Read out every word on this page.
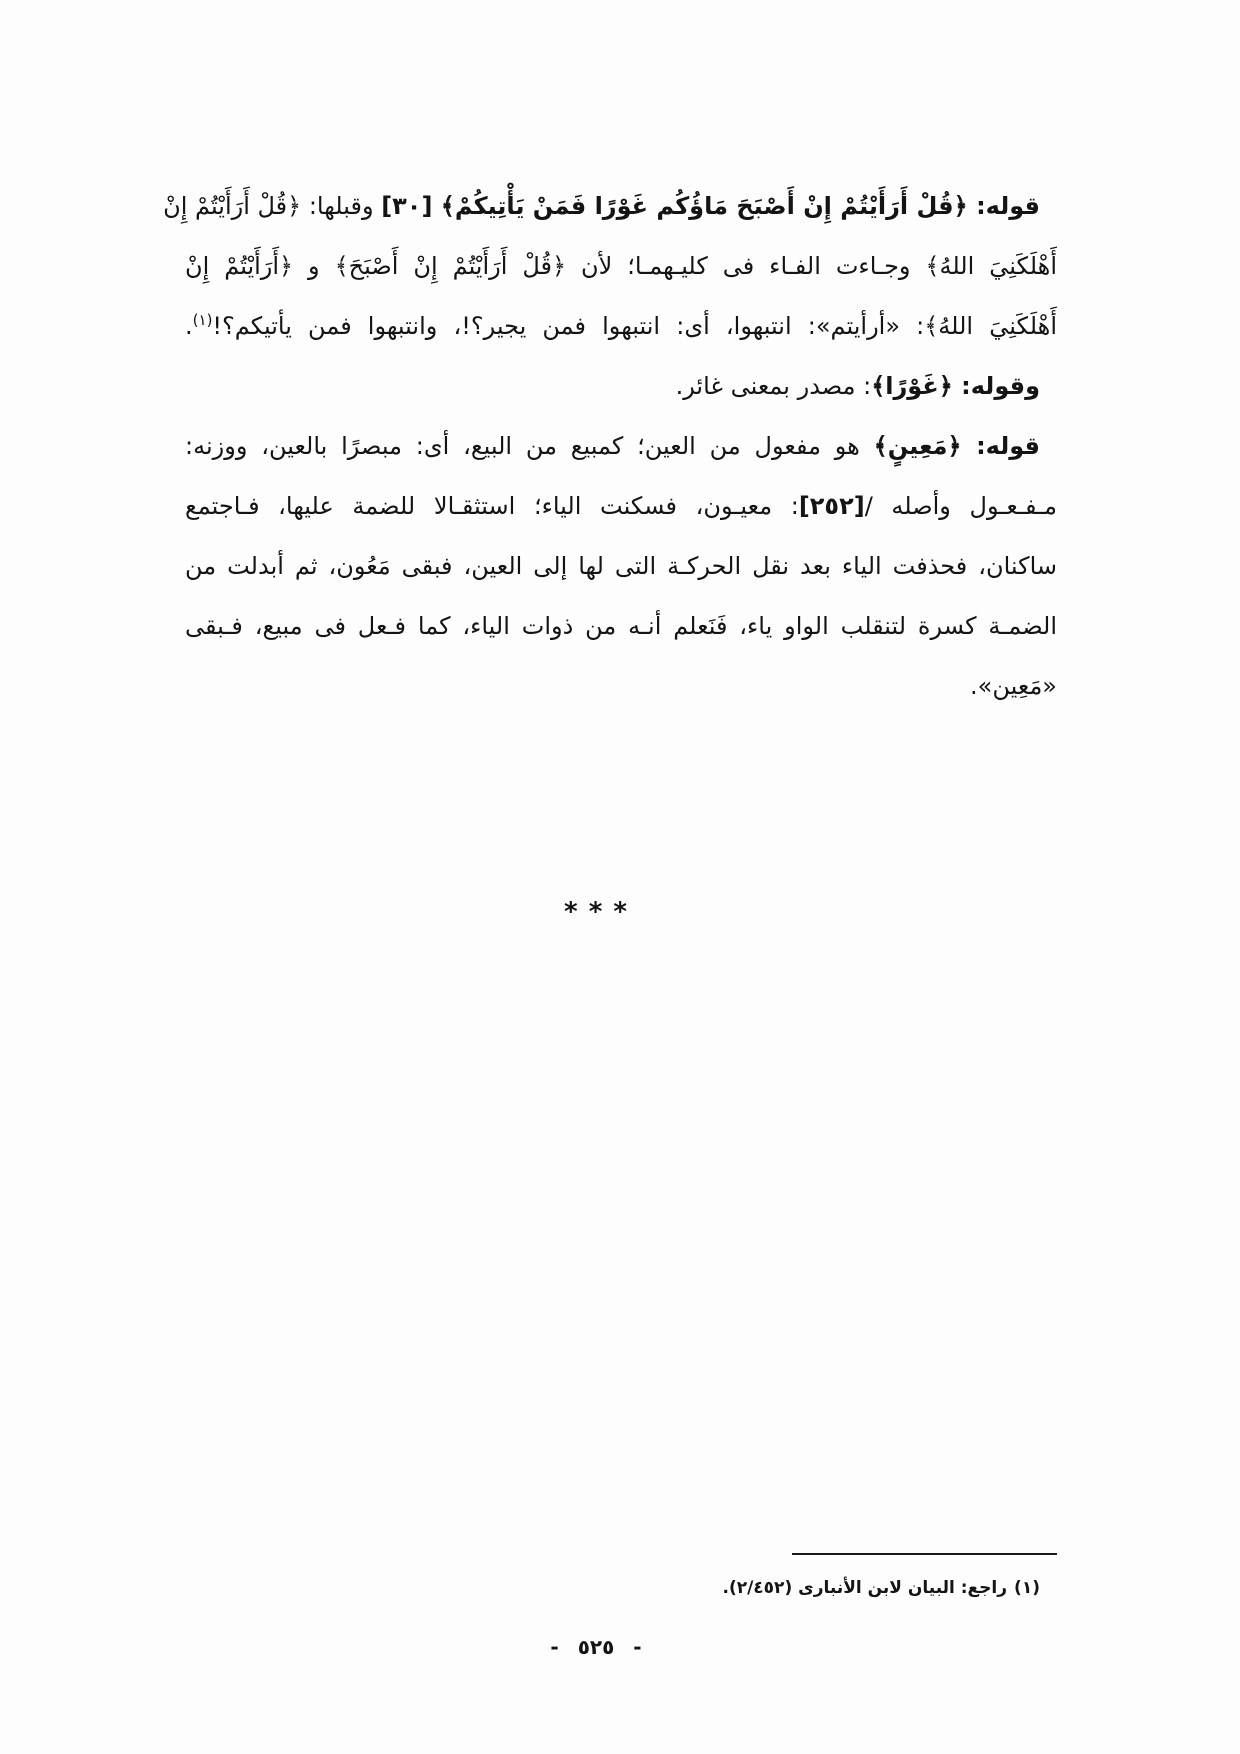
قوله: ﴿قُلْ أَرَأَيْتُمْ إِنْ أَصْبَحَ مَاؤُكُم غَوْرًا فَمَنْ يَأْتِيكُمْ﴾ [٣٠] وقبلها: ﴿قُلْ أَرَأَيْتُمْ إِنْ
أَهْلَكَنِيَ اللهُ﴾ وجـاءت الفـاء فى كليـهمـا؛ لأن ﴿قُلْ أَرَأَيْتُمْ إِنْ أَصْبَحَ﴾ و ﴿أَرَأَيْتُمْ إِنْ
أَهْلَكَنِيَ اللهُ﴾: «أرأيتم»: انتبهوا، أى: انتبهوا فمن يجير؟!، وانتبهوا فمن يأتيكم؟!$^{(١)}$.
وقوله: ﴿غَوْرًا﴾: مصدر بمعنى غائر.
قوله: ﴿مَعِينٍ﴾ هو مفعول من العين؛ كمبيع من البيع، أى: مبصرًا بالعين، ووزنه:
مـفـعـول وأصله /[٢٥٢]: معيـون، فسكنت الياء؛ استثقـالا للضمة عليها، فـاجتمع
ساكنان، فحذفت الياء بعد نقل الحركـة التى لها إلى العين، فبقى مَعُون، ثم أبدلت من
الضمـة كسرة لتنقلب الواو ياء، فَنَعلم أنـه من ذوات الياء، كما فـعل فى مبيع، فـبقى
«مَعِين».
* * *
(١)راجع: البيان لابن الأنبارى (٢/٤٥٢).
- ٥٢٥ -
